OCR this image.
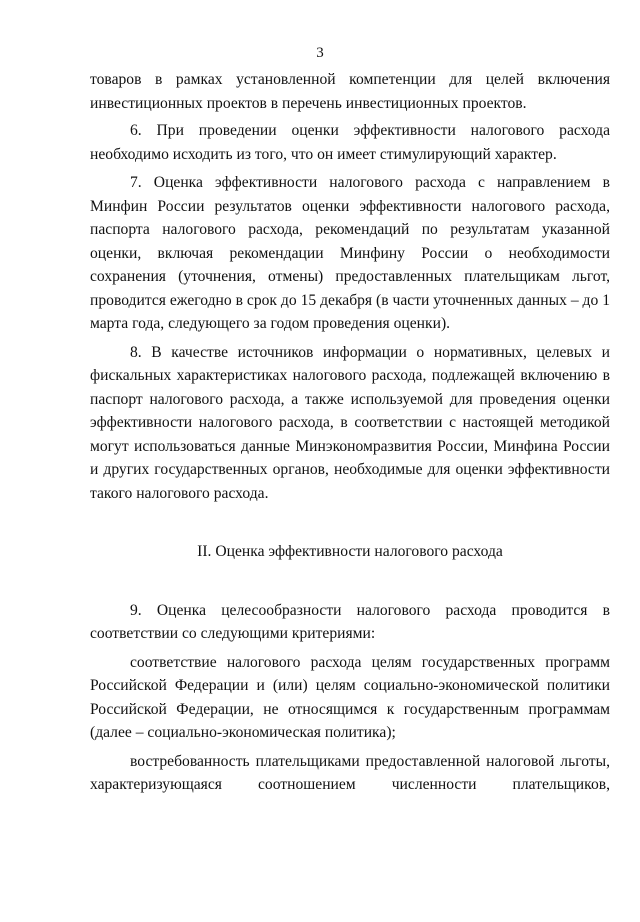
3

товаров в рамках установленной компетенции для целей включения инвестиционных проектов в перечень инвестиционных проектов.

6. При проведении оценки эффективности налогового расхода необходимо исходить из того, что он имеет стимулирующий характер.

7. Оценка эффективности налогового расхода с направлением в Минфин России результатов оценки эффективности налогового расхода, паспорта налогового расхода, рекомендаций по результатам указанной оценки, включая рекомендации Минфину России о необходимости сохранения (уточнения, отмены) предоставленных плательщикам льгот, проводится ежегодно в срок до 15 декабря (в части уточненных данных – до 1 марта года, следующего за годом проведения оценки).

8. В качестве источников информации о нормативных, целевых и фискальных характеристиках налогового расхода, подлежащей включению в паспорт налогового расхода, а также используемой для проведения оценки эффективности налогового расхода, в соответствии с настоящей методикой могут использоваться данные Минэкономразвития России, Минфина России и других государственных органов, необходимые для оценки эффективности такого налогового расхода.

II. Оценка эффективности налогового расхода

9. Оценка целесообразности налогового расхода проводится в соответствии со следующими критериями:

соответствие налогового расхода целям государственных программ Российской Федерации и (или) целям социально-экономической политики Российской Федерации, не относящимся к государственным программам (далее – социально-экономическая политика);

востребованность плательщиками предоставленной налоговой льготы, характеризующаяся соотношением численности плательщиков,
